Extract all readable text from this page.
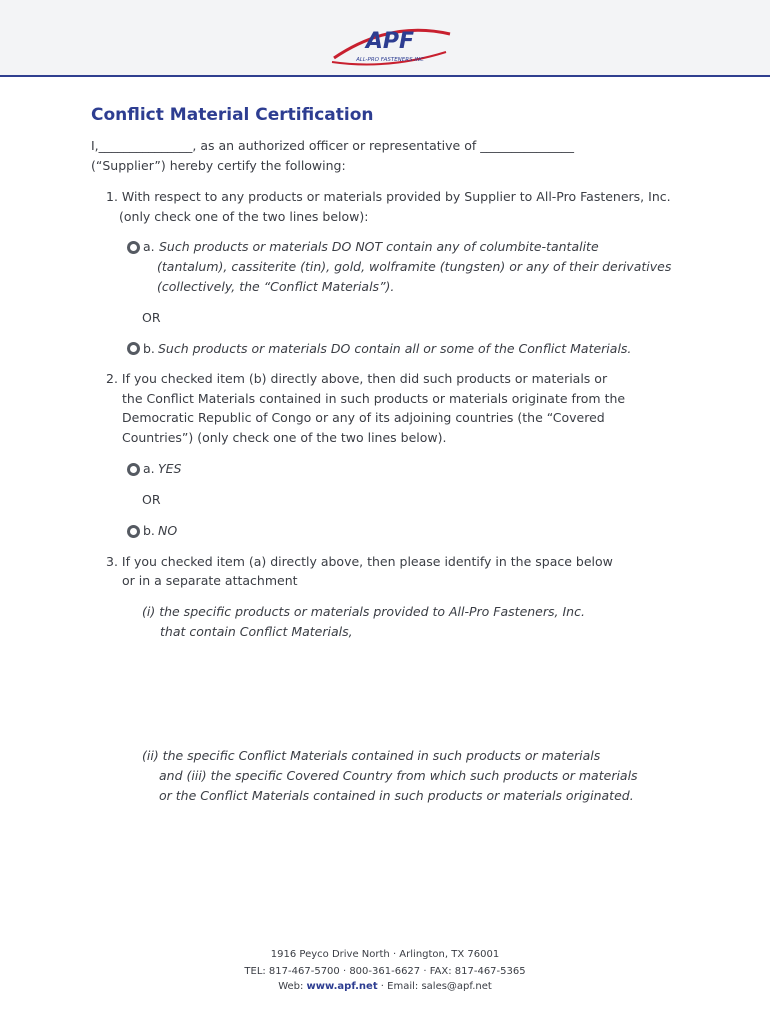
APF
ALL-PRO FASTENERS INC
Conflict Material Certification
I,_______________, as an authorized officer or representative of _______________
(“Supplier”) hereby certify the following:
1. With respect to any products or materials provided by Supplier to All-Pro Fasteners, Inc.
(only check one of the two lines below):
a. Such products or materials DO NOT contain any of columbite-tantalite
(tantalum), cassiterite (tin), gold, wolframite (tungsten) or any of their derivatives
(collectively, the “Conflict Materials”).
OR
b. Such products or materials DO contain all or some of the Conflict Materials.
2. If you checked item (b) directly above, then did such products or materials or
the Conflict Materials contained in such products or materials originate from the
Democratic Republic of Congo or any of its adjoining countries (the “Covered
Countries”) (only check one of the two lines below).
a. YES
OR
b. NO
3. If you checked item (a) directly above, then please identify in the space below
or in a separate attachment
(i) the specific products or materials provided to All-Pro Fasteners, Inc.
that contain Conflict Materials,
(ii) the specific Conflict Materials contained in such products or materials
and (iii) the specific Covered Country from which such products or materials
or the Conflict Materials contained in such products or materials originated.
1916 Peyco Drive North · Arlington, TX 76001
TEL: 817-467-5700 · 800-361-6627 · FAX: 817-467-5365
Web: www.apf.net · Email: sales@apf.net
